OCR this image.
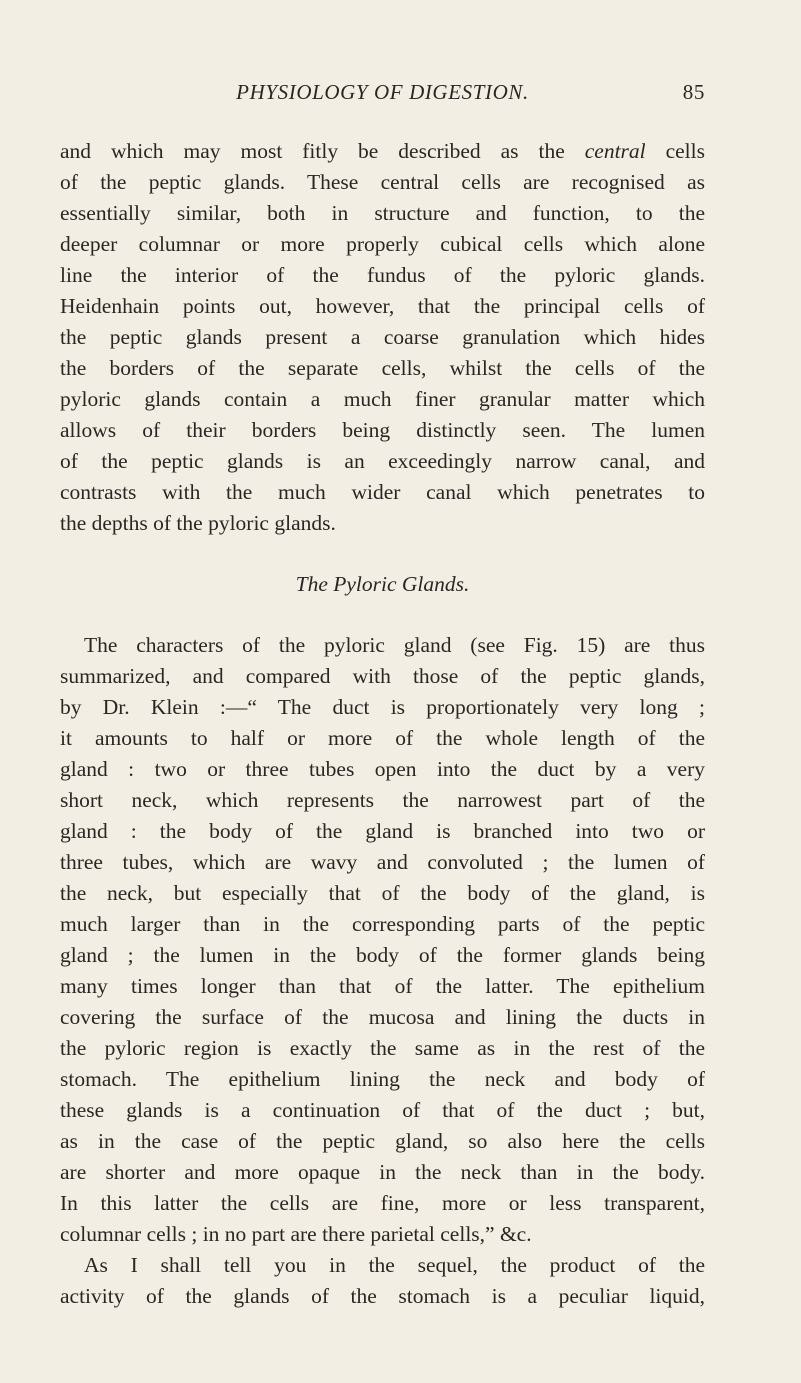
PHYSIOLOGY OF DIGESTION.	85
and which may most fitly be described as the central cells
of the peptic glands. These central cells are recognised as
essentially similar, both in structure and function, to the
deeper columnar or more properly cubical cells which alone
line the interior of the fundus of the pyloric glands.
Heidenhain points out, however, that the principal cells of
the peptic glands present a coarse granulation which hides
the borders of the separate cells, whilst the cells of the
pyloric glands contain a much finer granular matter which
allows of their borders being distinctly seen. The lumen
of the peptic glands is an exceedingly narrow canal, and
contrasts with the much wider canal which penetrates to
the depths of the pyloric glands.
The Pyloric Glands.
The characters of the pyloric gland (see Fig. 15) are thus
summarized, and compared with those of the peptic glands,
by Dr. Klein :—“ The duct is proportionately very long ;
it amounts to half or more of the whole length of the
gland : two or three tubes open into the duct by a very
short neck, which represents the narrowest part of the
gland : the body of the gland is branched into two or
three tubes, which are wavy and convoluted ; the lumen of
the neck, but especially that of the body of the gland, is
much larger than in the corresponding parts of the peptic
gland ; the lumen in the body of the former glands being
many times longer than that of the latter. The epithelium
covering the surface of the mucosa and lining the ducts in
the pyloric region is exactly the same as in the rest of the
stomach. The epithelium lining the neck and body of
these glands is a continuation of that of the duct ; but,
as in the case of the peptic gland, so also here the cells
are shorter and more opaque in the neck than in the body.
In this latter the cells are fine, more or less transparent,
columnar cells ; in no part are there parietal cells,” &c.
As I shall tell you in the sequel, the product of the
activity of the glands of the stomach is a peculiar liquid,
